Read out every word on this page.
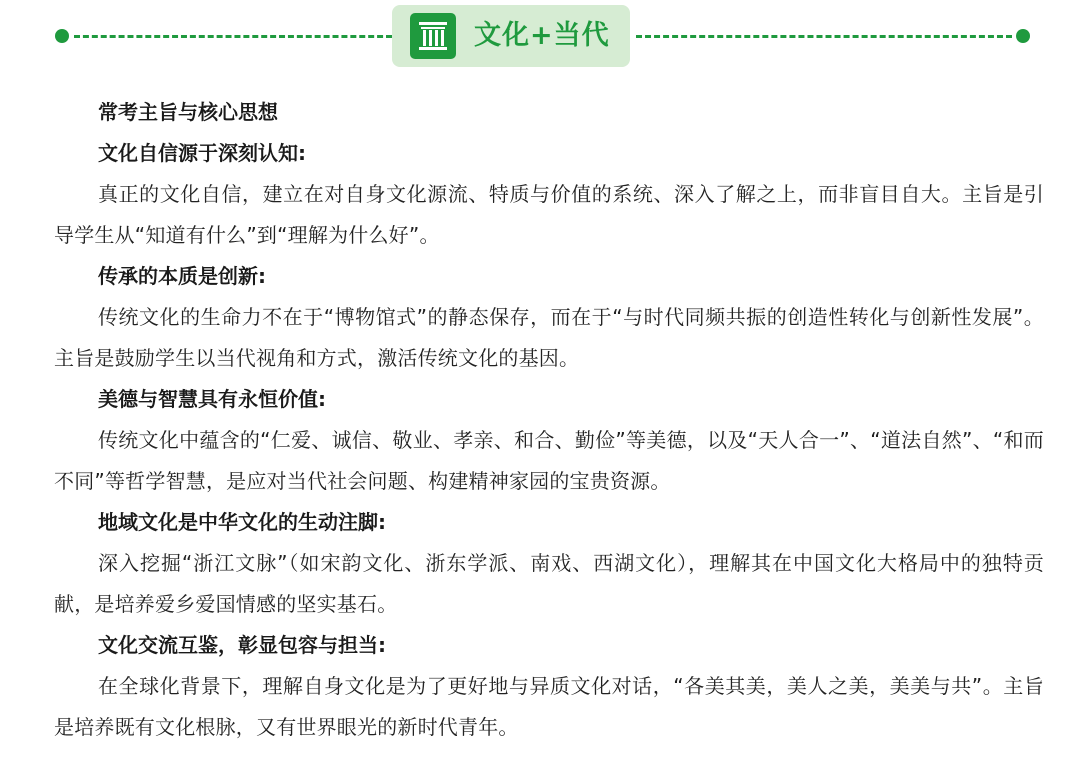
文化+当代

常考主旨与核心思想

文化自信源于深刻认知:

真正的文化自信，建立在对自身文化源流、特质与价值的系统、深入了解之上，而非盲目自大。主旨是引导学生从“知道有什么”到“理解为什么好”。

传承的本质是创新:

传统文化的生命力不在于“博物馆式”的静态保存，而在于“与时代同频共振的创造性转化与创新性发展”。主旨是鼓励学生以当代视角和方式，激活传统文化的基因。

美德与智慧具有永恒价值:

传统文化中蕴含的“仁爱、诚信、敬业、孝亲、和合、勤俭”等美德，以及“天人合一”、“道法自然”、“和而不同”等哲学智慧，是应对当代社会问题、构建精神家园的宝贵资源。

地域文化是中华文化的生动注脚:

深入挖掘“浙江文脉”（如宋韵文化、浙东学派、南戏、西湖文化），理解其在中国文化大格局中的独特贡献，是培养爱乡爱国情感的坚实基石。

文化交流互鉴，彰显包容与担当:

在全球化背景下，理解自身文化是为了更好地与异质文化对话，“各美其美，美人之美，美美与共”。主旨是培养既有文化根脉，又有世界眼光的新时代青年。
